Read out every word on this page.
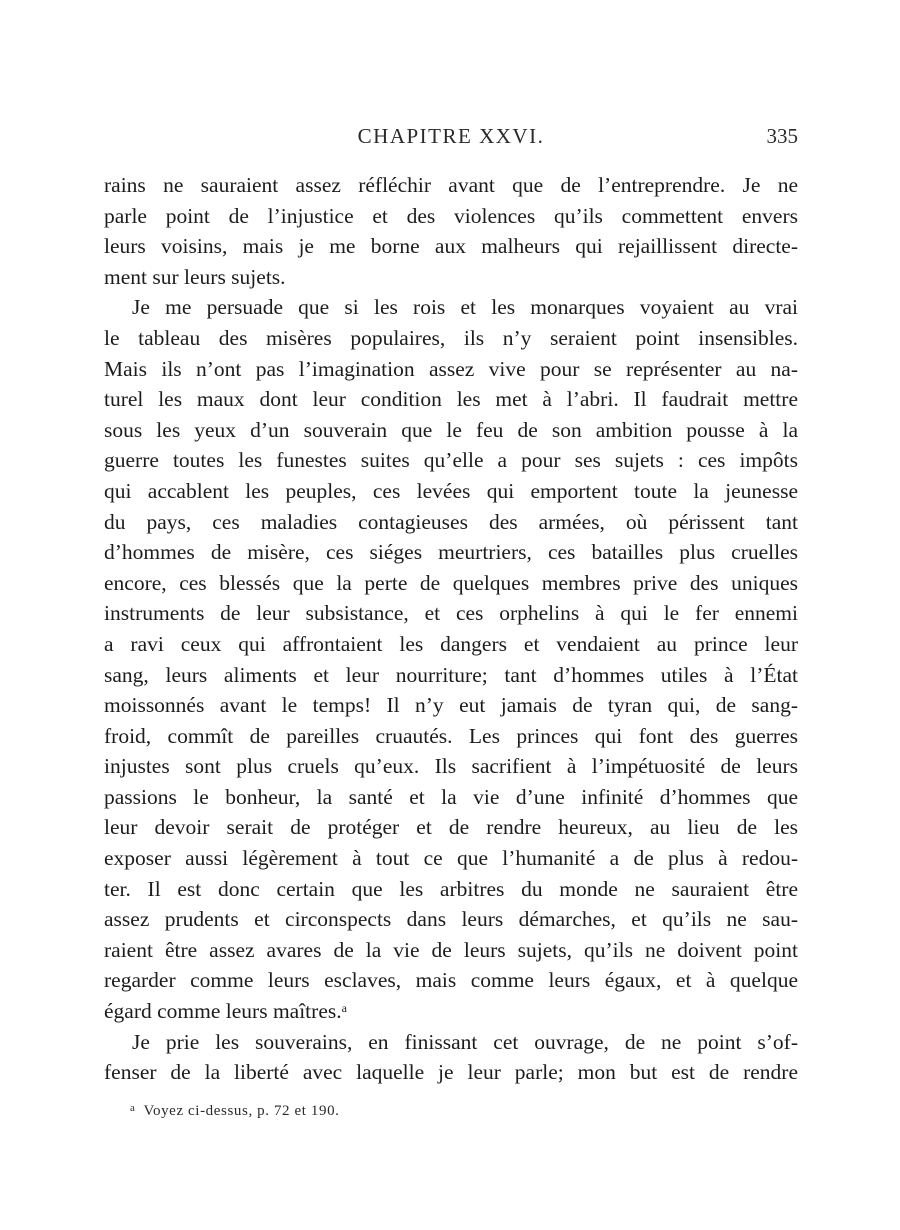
CHAPITRE XXVI.	335
rains ne sauraient assez réfléchir avant que de l’entreprendre. Je ne
parle point de l’injustice et des violences qu’ils commettent envers
leurs voisins, mais je me borne aux malheurs qui rejaillissent directe-
ment sur leurs sujets.
Je me persuade que si les rois et les monarques voyaient au vrai
le tableau des misères populaires, ils n’y seraient point insensibles.
Mais ils n’ont pas l’imagination assez vive pour se représenter au na-
turel les maux dont leur condition les met à l’abri. Il faudrait mettre
sous les yeux d’un souverain que le feu de son ambition pousse à la
guerre toutes les funestes suites qu’elle a pour ses sujets : ces impôts
qui accablent les peuples, ces levées qui emportent toute la jeunesse
du pays, ces maladies contagieuses des armées, où périssent tant
d’hommes de misère, ces siéges meurtriers, ces batailles plus cruelles
encore, ces blessés que la perte de quelques membres prive des uniques
instruments de leur subsistance, et ces orphelins à qui le fer ennemi
a ravi ceux qui affrontaient les dangers et vendaient au prince leur
sang, leurs aliments et leur nourriture; tant d’hommes utiles à l’État
moissonnés avant le temps! Il n’y eut jamais de tyran qui, de sang-
froid, commît de pareilles cruautés. Les princes qui font des guerres
injustes sont plus cruels qu’eux. Ils sacrifient à l’impétuosité de leurs
passions le bonheur, la santé et la vie d’une infinité d’hommes que
leur devoir serait de protéger et de rendre heureux, au lieu de les
exposer aussi légèrement à tout ce que l’humanité a de plus à redou-
ter. Il est donc certain que les arbitres du monde ne sauraient être
assez prudents et circonspects dans leurs démarches, et qu’ils ne sau-
raient être assez avares de la vie de leurs sujets, qu’ils ne doivent point
regarder comme leurs esclaves, mais comme leurs égaux, et à quelque
égard comme leurs maîtres.$^a$
Je prie les souverains, en finissant cet ouvrage, de ne point s’of-
fenser de la liberté avec laquelle je leur parle; mon but est de rendre
$^a$ Voyez ci-dessus, p. 72 et 190.
